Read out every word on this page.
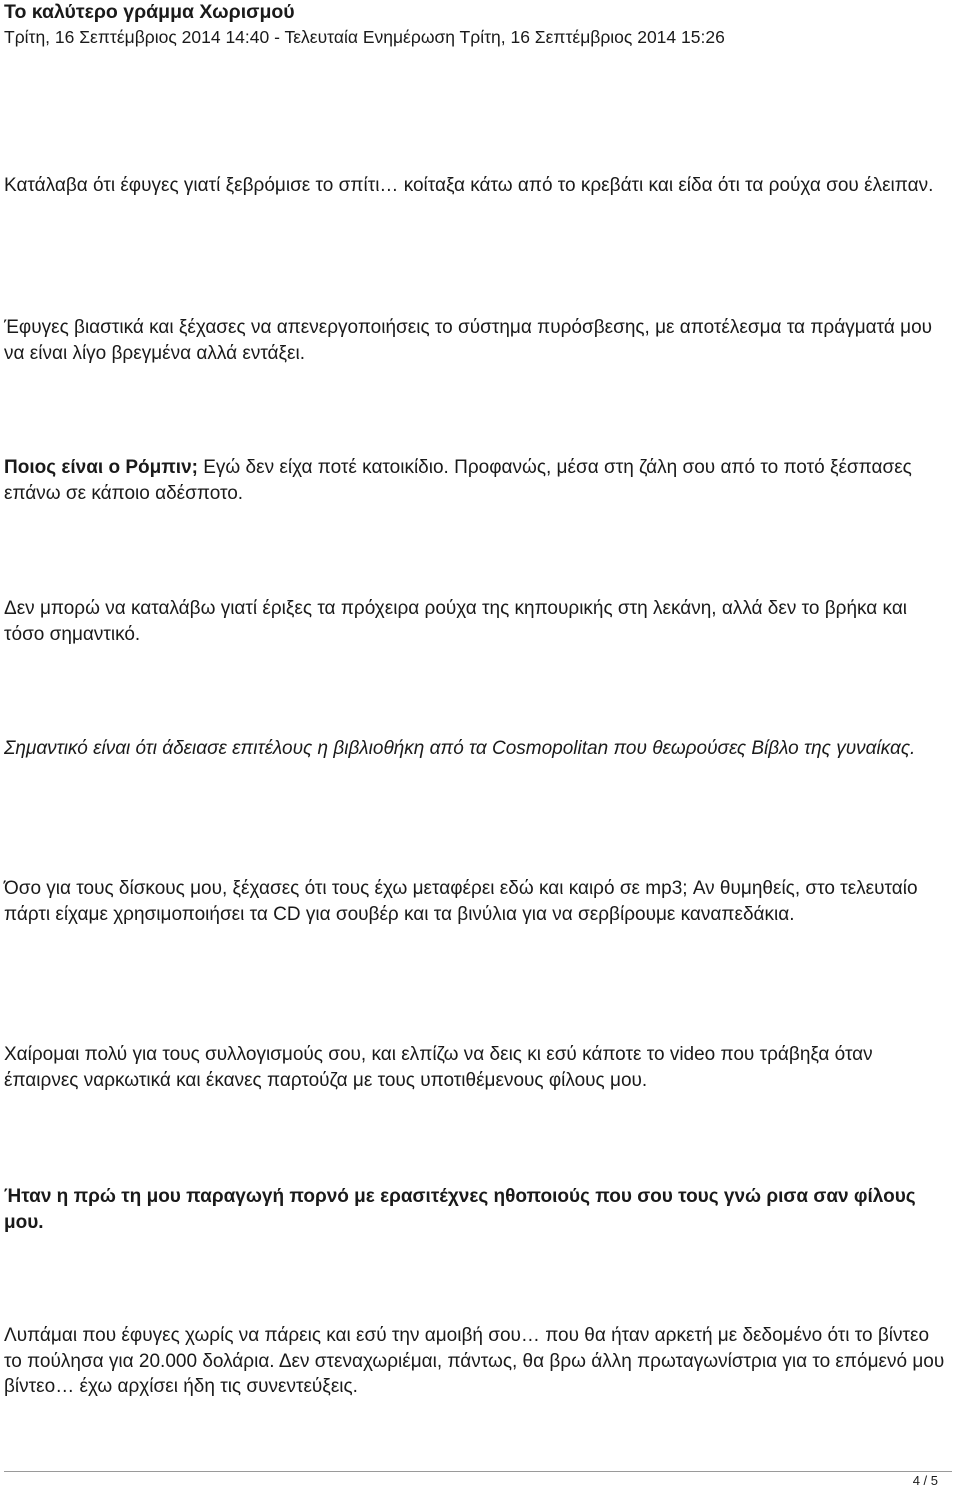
Το καλύτερο γράμμα Χωρισμού

Τρίτη, 16 Σεπτέμβριος 2014 14:40 - Τελευταία Ενημέρωση Τρίτη, 16 Σεπτέμβριος 2014 15:26

Κατάλαβα ότι έφυγες γιατί ξεβρόμισε το σπίτι… κοίταξα κάτω από το κρεβάτι και είδα ότι τα ρούχα σου έλειπαν.

Έφυγες βιαστικά και ξέχασες να απενεργοποιήσεις το σύστημα πυρόσβεσης, με αποτέλεσμα τα πράγματά μου να είναι λίγο βρεγμένα αλλά εντάξει.

Ποιος είναι ο Ρόμπιν; Εγώ δεν είχα ποτέ κατοικίδιο. Προφανώς, μέσα στη ζάλη σου από το ποτό ξέσπασες επάνω σε κάποιο αδέσποτο.

Δεν μπορώ να καταλάβω γιατί έριξες τα πρόχειρα ρούχα της κηπουρικής στη λεκάνη, αλλά δεν το βρήκα και τόσο σημαντικό.

Σημαντικό είναι ότι άδειασε επιτέλους η βιβλιοθήκη από τα Cosmopolitan που θεωρούσες Βίβλο της γυναίκας.

Όσο για τους δίσκους μου, ξέχασες ότι τους έχω μεταφέρει εδώ και καιρό σε mp3; Αν θυμηθείς, στο τελευταίο πάρτι είχαμε χρησιμοποιήσει τα CD για σουβέρ και τα βινύλια για να σερβίρουμε καναπεδάκια.

Χαίρομαι πολύ για τους συλλογισμούς σου, και ελπίζω να δεις κι εσύ κάποτε το video που τράβηξα όταν έπαιρνες ναρκωτικά και έκανες παρτούζα με τους υποτιθέμενους φίλους μου.

Ήταν η πρώ τη μου παραγωγή πορνό με ερασιτέχνες ηθοποιούς που σου τους γνώ ρισα σαν φίλους μου.

Λυπάμαι που έφυγες χωρίς να πάρεις και εσύ την αμοιβή σου… που θα ήταν αρκετή με δεδομένο ότι το βίντεο το πούλησα για 20.000 δολάρια. Δεν στεναχωριέμαι, πάντως, θα βρω άλλη πρωταγωνίστρια για το επόμενό μου βίντεο… έχω αρχίσει ήδη τις συνεντεύξεις.

4 / 5
